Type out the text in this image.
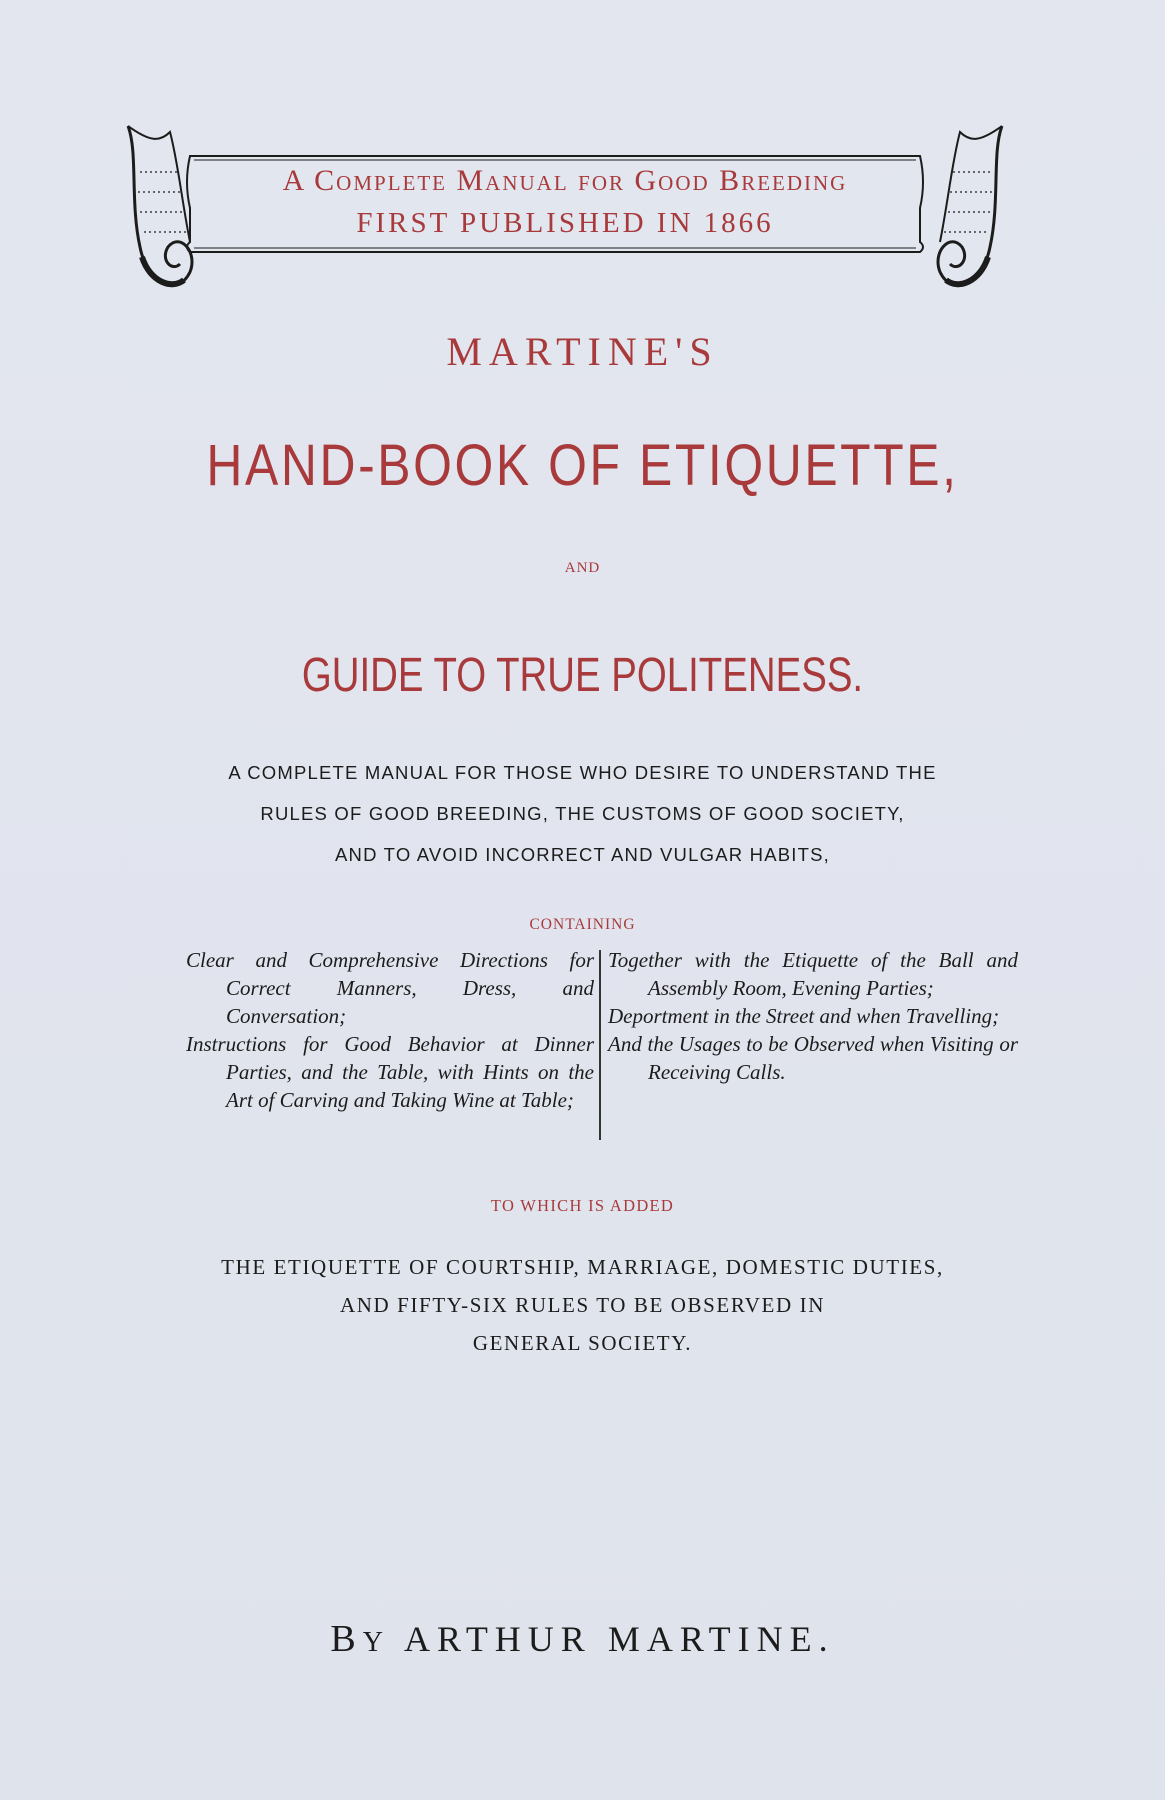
A Complete Manual for Good Breeding
FIRST PUBLISHED IN 1866
MARTINE'S
HAND-BOOK OF ETIQUETTE,
AND
GUIDE TO TRUE POLITENESS.
A COMPLETE MANUAL FOR THOSE WHO DESIRE TO UNDERSTAND THE
RULES OF GOOD BREEDING, THE CUSTOMS OF GOOD SOCIETY,
AND TO AVOID INCORRECT AND VULGAR HABITS,
CONTAINING
Clear and Comprehensive Directions for Correct Manners, Dress, and Conversation;
Instructions for Good Behavior at Dinner Parties, and the Table, with Hints on the Art of Carving and Taking Wine at Table;
Together with the Etiquette of the Ball and Assembly Room, Evening Parties;
Deportment in the Street and when Travelling;
And the Usages to be Observed when Visiting or Receiving Calls.
TO WHICH IS ADDED
THE ETIQUETTE OF COURTSHIP, MARRIAGE, DOMESTIC DUTIES,
AND FIFTY-SIX RULES TO BE OBSERVED IN
GENERAL SOCIETY.
BY ARTHUR MARTINE.
